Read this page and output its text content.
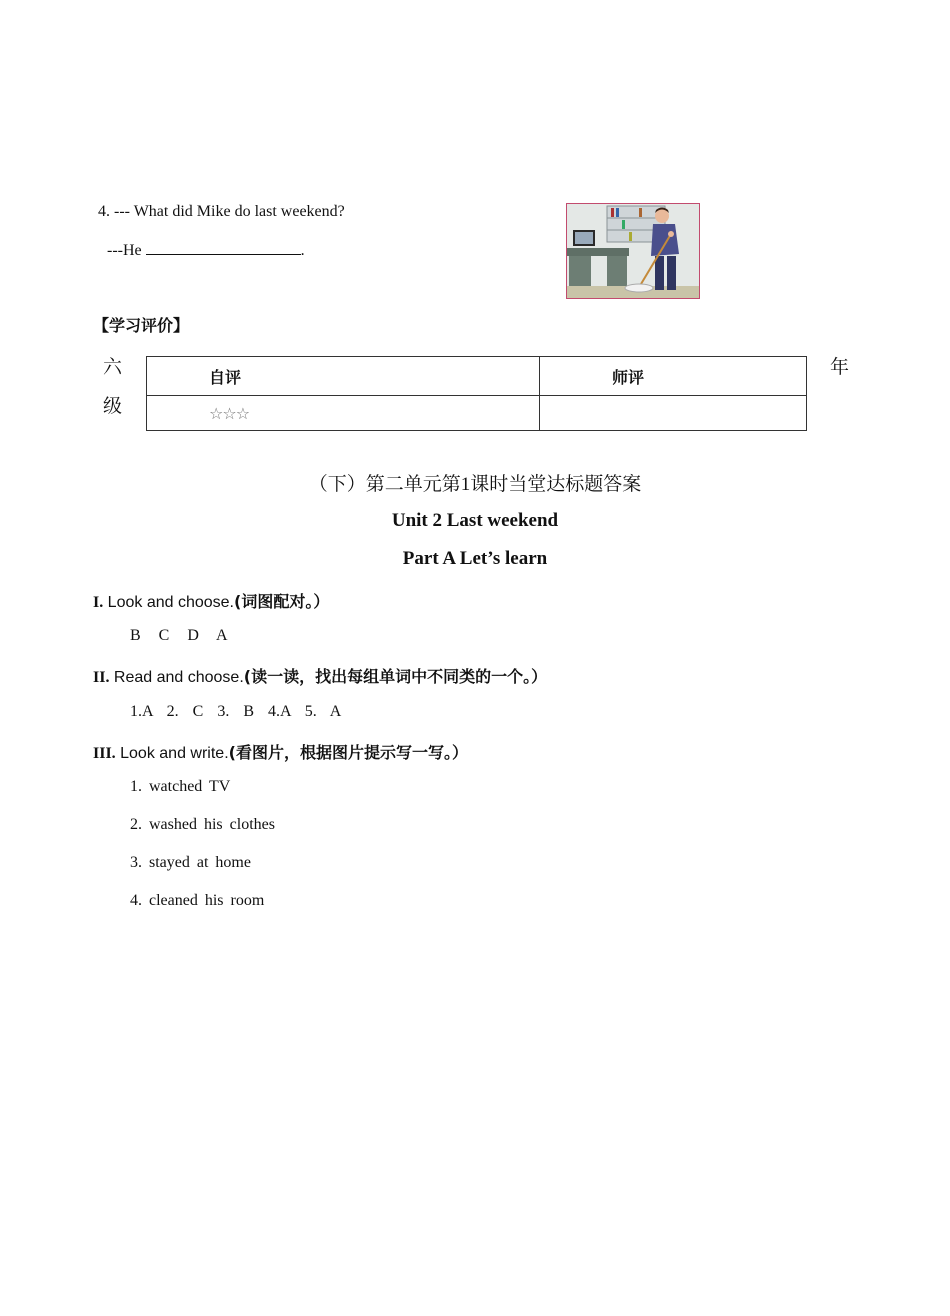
4. --- What did Mike do last weekend?
---He	.
【学习评价】
六
级
年
自评	师评
☆☆☆	
（下）第二单元第1课时当堂达标题答案
Unit 2 Last weekend
Part A Let’s learn
I. Look and choose.(词图配对。）
B C D A
II. Read and choose.(读一读，找出每组单词中不同类的一个。）
1.A 2. C 3. B 4.A 5. A
III. Look and write.(看图片，根据图片提示写一写。）
1. watched TV
2. washed his clothes
3. stayed at home
4. cleaned his room
